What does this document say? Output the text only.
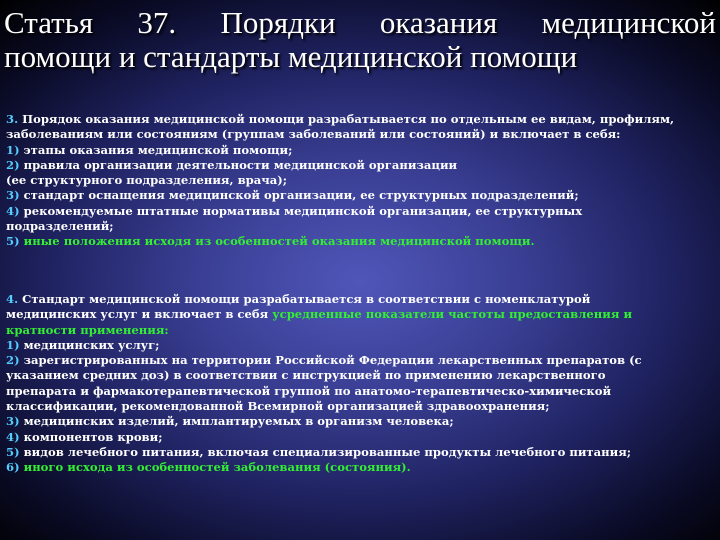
Статья 37. Порядки оказания медицинской
помощи и стандарты медицинской помощи
3. Порядок оказания медицинской помощи разрабатывается по отдельным ее видам, профилям,
заболеваниям или состояниям (группам заболеваний или состояний) и включает в себя:
1) этапы оказания медицинской помощи;
2) правила организации деятельности медицинской организации
(ее структурного подразделения, врача);
3) стандарт оснащения медицинской организации, ее структурных подразделений;
4) рекомендуемые штатные нормативы медицинской организации, ее структурных
подразделений;
5) иные положения исходя из особенностей оказания медицинской помощи.
4. Стандарт медицинской помощи разрабатывается в соответствии с номенклатурой
медицинских услуг и включает в себя усредненные показатели частоты предоставления и
кратности применения:
1) медицинских услуг;
2) зарегистрированных на территории Российской Федерации лекарственных препаратов (с
указанием средних доз) в соответствии с инструкцией по применению лекарственного
препарата и фармакотерапевтической группой по анатомо-терапевтическо-химической
классификации, рекомендованной Всемирной организацией здравоохранения;
3) медицинских изделий, имплантируемых в организм человека;
4) компонентов крови;
5) видов лечебного питания, включая специализированные продукты лечебного питания;
6) иного исхода из особенностей заболевания (состояния).
